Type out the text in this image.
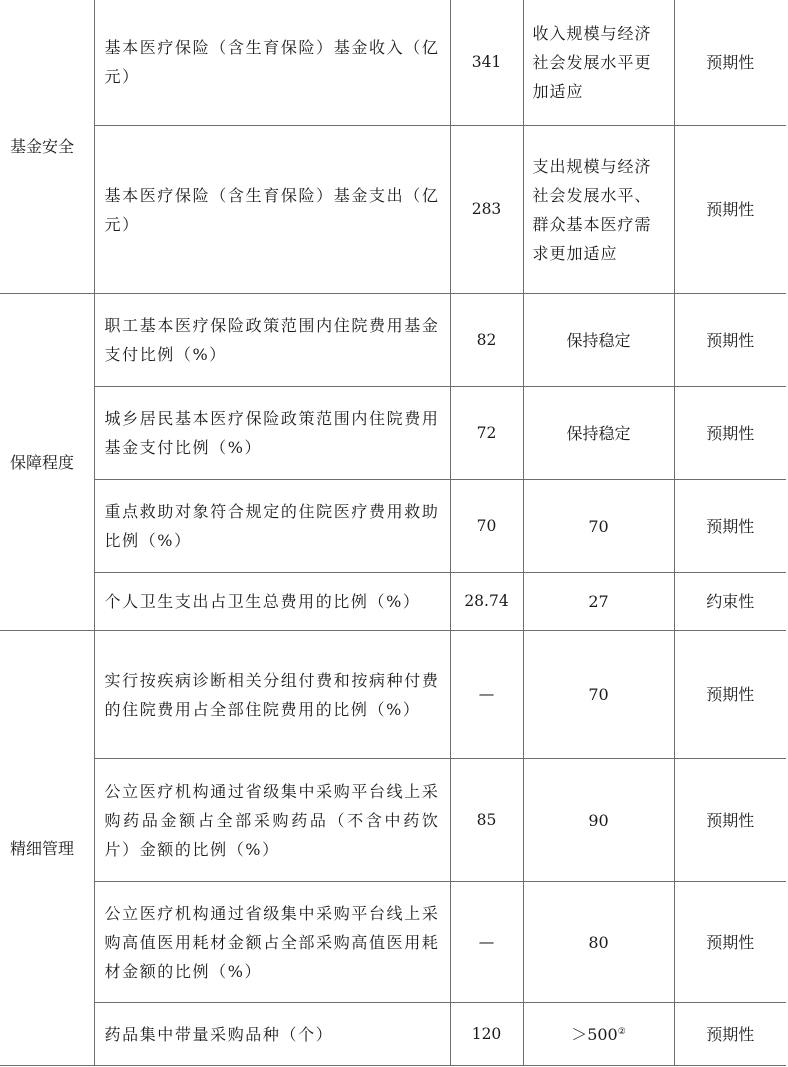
基金安全	基本医疗保险（含生育保险）基金收入（亿元）	341	收入规模与经济社会发展水平更加适应	预期性
	基本医疗保险（含生育保险）基金支出（亿元）	283	支出规模与经济社会发展水平、群众基本医疗需求更加适应	预期性
保障程度	职工基本医疗保险政策范围内住院费用基金支付比例（%）	82	保持稳定	预期性
	城乡居民基本医疗保险政策范围内住院费用基金支付比例（%）	72	保持稳定	预期性
	重点救助对象符合规定的住院医疗费用救助比例（%）	70	70	预期性
	个人卫生支出占卫生总费用的比例（%）	28.74	27	约束性
精细管理	实行按疾病诊断相关分组付费和按病种付费的住院费用占全部住院费用的比例（%）	—	70	预期性
	公立医疗机构通过省级集中采购平台线上采购药品金额占全部采购药品（不含中药饮片）金额的比例（%）	85	90	预期性
	公立医疗机构通过省级集中采购平台线上采购高值医用耗材金额占全部采购高值医用耗材金额的比例（%）	—	80	预期性
	药品集中带量采购品种（个）	120	＞500②	预期性
